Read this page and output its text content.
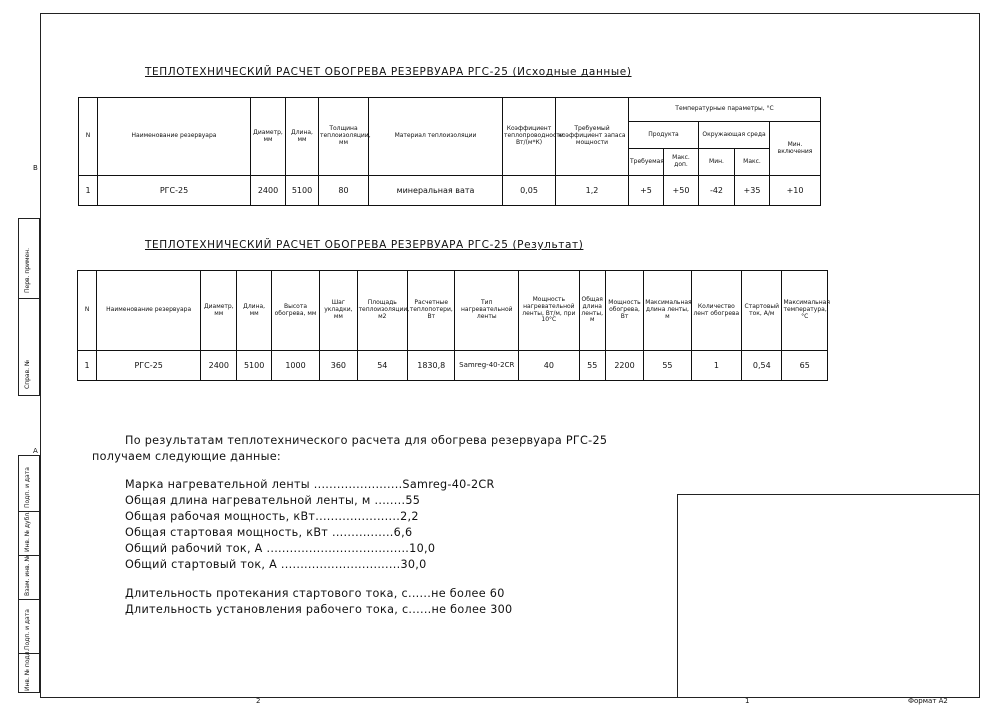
В
А
2	1	Формат А2
Перв. примен.
Справ. №
Подп. и дата
Инв. № дубл.
Взам. инв. №
Подп. и дата
Инв. № подл.
ТЕПЛОТЕХНИЧЕСКИЙ РАСЧЕТ ОБОГРЕВА РЕЗЕРВУАРА РГС-25 (Исходные данные)
N	Наименование резервуара	Диаметр, мм	Длина, мм	Толщина теплоизоляции, мм	Материал теплоизоляции	Коэффициент теплопроводности Вт/(м*К)	Требуемый коэффициент запаса мощности	Температурные параметры, °С				
								Продукта		Окружающая среда		Мин. включения
								Требуемая	Макс. доп.	Мин.	Макс.	
1	РГС-25	2400	5100	80	минеральная вата	0,05	1,2	+5	+50	-42	+35	+10
ТЕПЛОТЕХНИЧЕСКИЙ РАСЧЕТ ОБОГРЕВА РЕЗЕРВУАРА РГС-25 (Результат)
N	Наименование резервуара	Диаметр, мм	Длина, мм	Высота обогрева, мм	Шаг укладки, мм	Площадь теплоизоляции, м2	Расчетные теплопотери, Вт	Тип нагревательной ленты	Мощность нагревательной ленты, Вт/м, при 10°С	Общая длина ленты, м	Мощность обогрева, Вт	Максимальная длина ленты, м	Количество лент обогрева	Стартовый ток, А/м	Максимальная температура, °С
1	РГС-25	2400	5100	1000	360	54	1830,8	Samreg-40-2CR	40	55	2200	55	1	0,54	65
По результатам теплотехнического расчета для обогрева резервуара РГС-25
получаем следующие данные:
Марка нагревательной ленты .......................Samreg-40-2CR
Общая длина нагревательной ленты, м ........55
Общая рабочая мощность, кВт......................2,2
Общая стартовая мощность, кВт ................6,6
Общий рабочий ток, А .....................................10,0
Общий стартовый ток, А ...............................30,0
Длительность протекания стартового тока, с......не более 60
Длительность установления рабочего тока, с......не более 300
